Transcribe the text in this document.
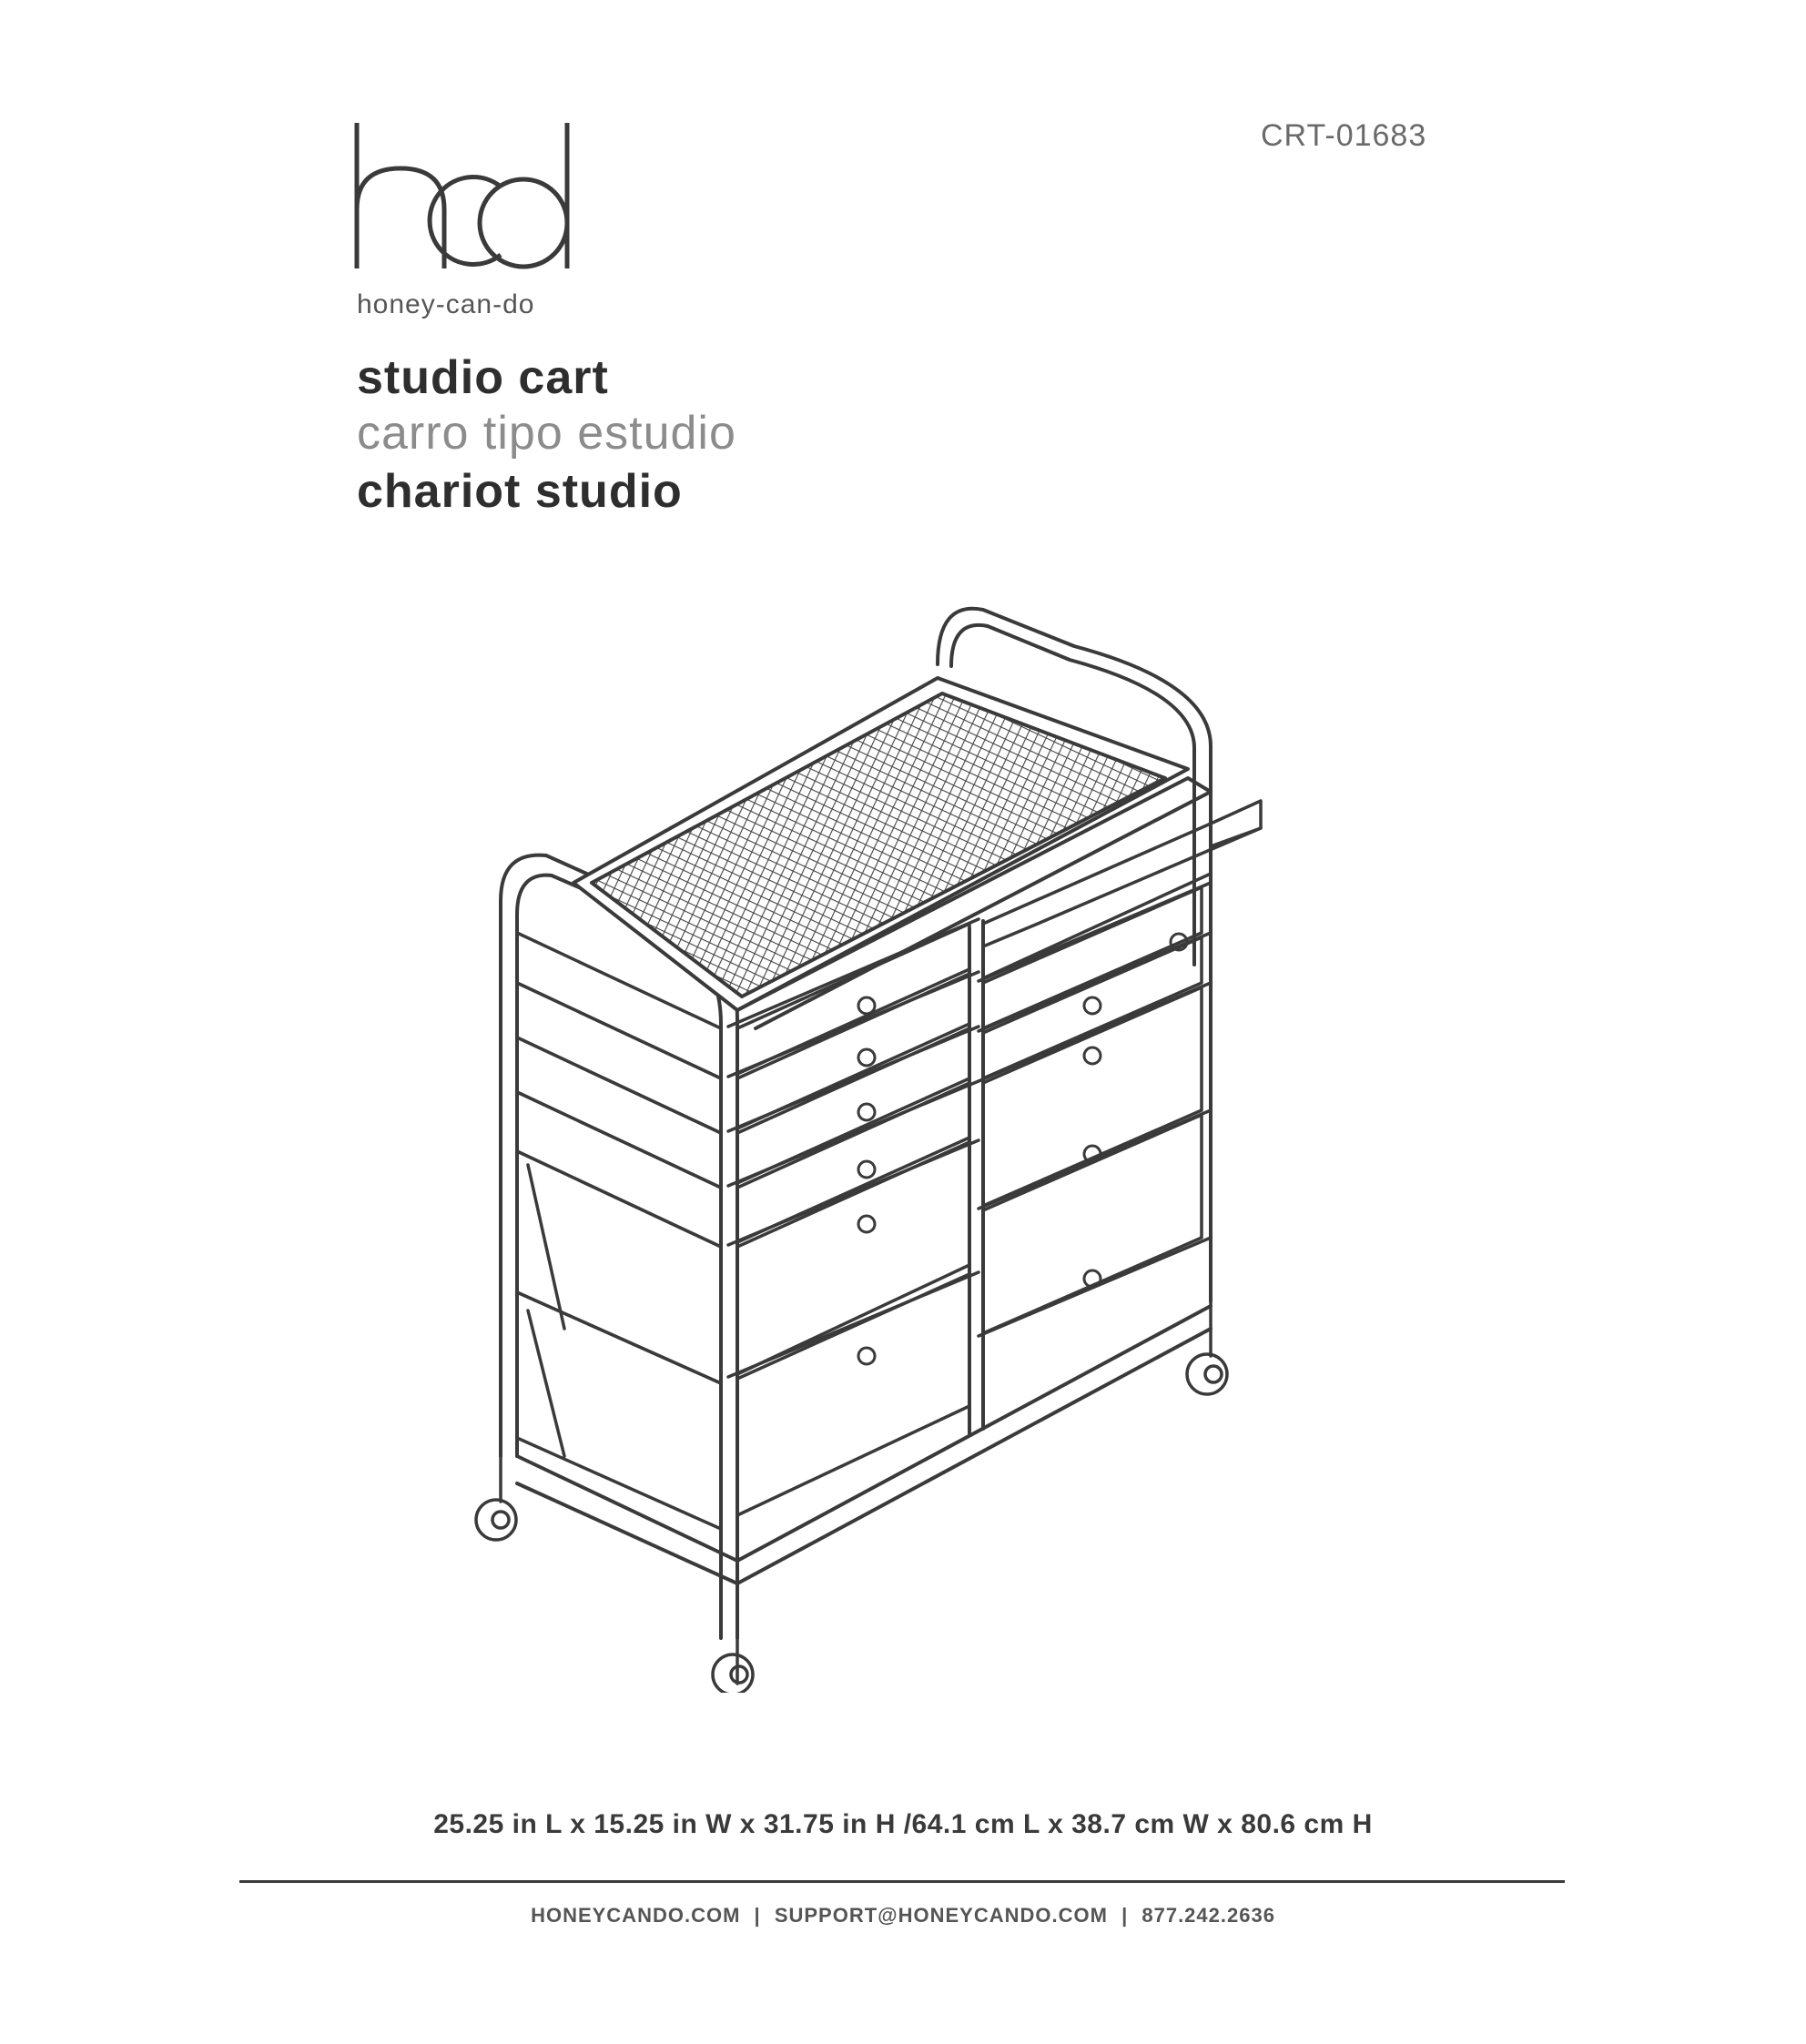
honey-can-do
CRT-01683
studio cart
carro tipo estudio
chariot studio
25.25 in L x 15.25 in W x 31.75 in H /64.1 cm L x 38.7 cm W x 80.6 cm H
HONEYCANDO.COM | SUPPORT@HONEYCANDO.COM | 877.242.2636
